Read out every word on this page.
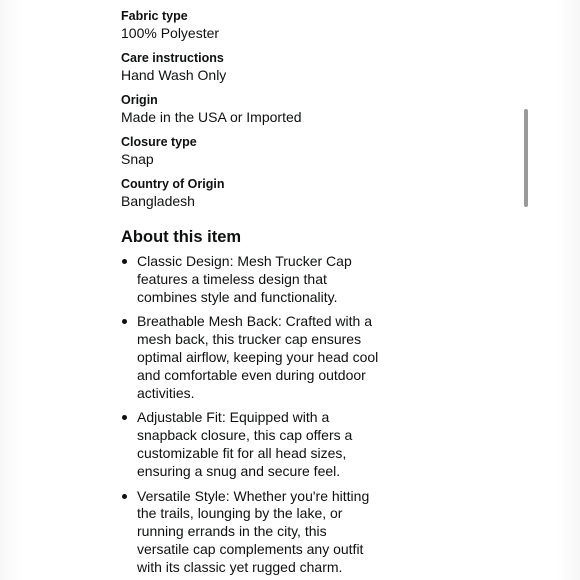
Fabric type
100% Polyester
Care instructions
Hand Wash Only
Origin
Made in the USA or Imported
Closure type
Snap
Country of Origin
Bangladesh
About this item
Classic Design: Mesh Trucker Cap
features a timeless design that
combines style and functionality.
Breathable Mesh Back: Crafted with a
mesh back, this trucker cap ensures
optimal airflow, keeping your head cool
and comfortable even during outdoor
activities.
Adjustable Fit: Equipped with a
snapback closure, this cap offers a
customizable fit for all head sizes,
ensuring a snug and secure feel.
Versatile Style: Whether you're hitting
the trails, lounging by the lake, or
running errands in the city, this
versatile cap complements any outfit
with its classic yet rugged charm.
